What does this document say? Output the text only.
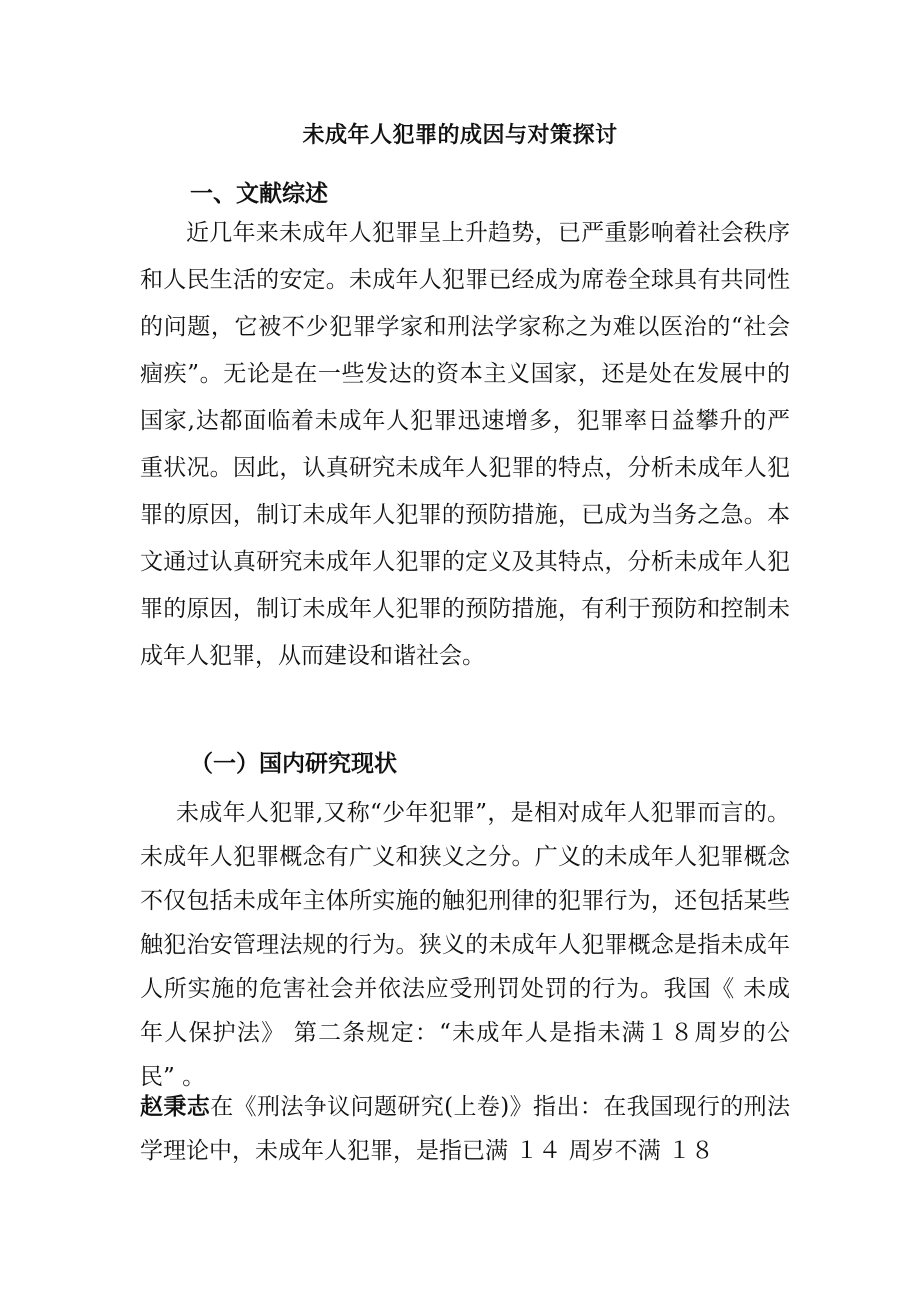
未成年人犯罪的成因与对策探讨
一、文献综述

近几年来未成年人犯罪呈上升趋势，已严重影响着社会秩序和人民生活的安定。未成年人犯罪已经成为席卷全球具有共同性的问题，它被不少犯罪学家和刑法学家称之为难以医治的“社会痼疾”。无论是在一些发达的资本主义国家，还是处在发展中的国家,达都面临着未成年人犯罪迅速增多，犯罪率日益攀升的严重状况。因此，认真研究未成年人犯罪的特点，分析未成年人犯罪的原因，制订未成年人犯罪的预防措施，已成为当务之急。本文通过认真研究未成年人犯罪的定义及其特点，分析未成年人犯罪的原因，制订未成年人犯罪的预防措施，有利于预防和控制未成年人犯罪，从而建设和谐社会。

（一）国内研究现状

未成年人犯罪,又称“少年犯罪”，是相对成年人犯罪而言的。未成年人犯罪概念有广义和狭义之分。广义的未成年人犯罪概念不仅包括未成年主体所实施的触犯刑律的犯罪行为，还包括某些触犯治安管理法规的行为。狭义的未成年人犯罪概念是指未成年人所实施的危害社会并依法应受刑罚处罚的行为。我国《 未成年人保护法》 第二条规定：“未成年人是指未满１８周岁的公民” 。

赵秉志在《刑法争议问题研究(上卷)》指出：在我国现行的刑法学理论中，未成年人犯罪，是指已满 １４ 周岁不满 １８
